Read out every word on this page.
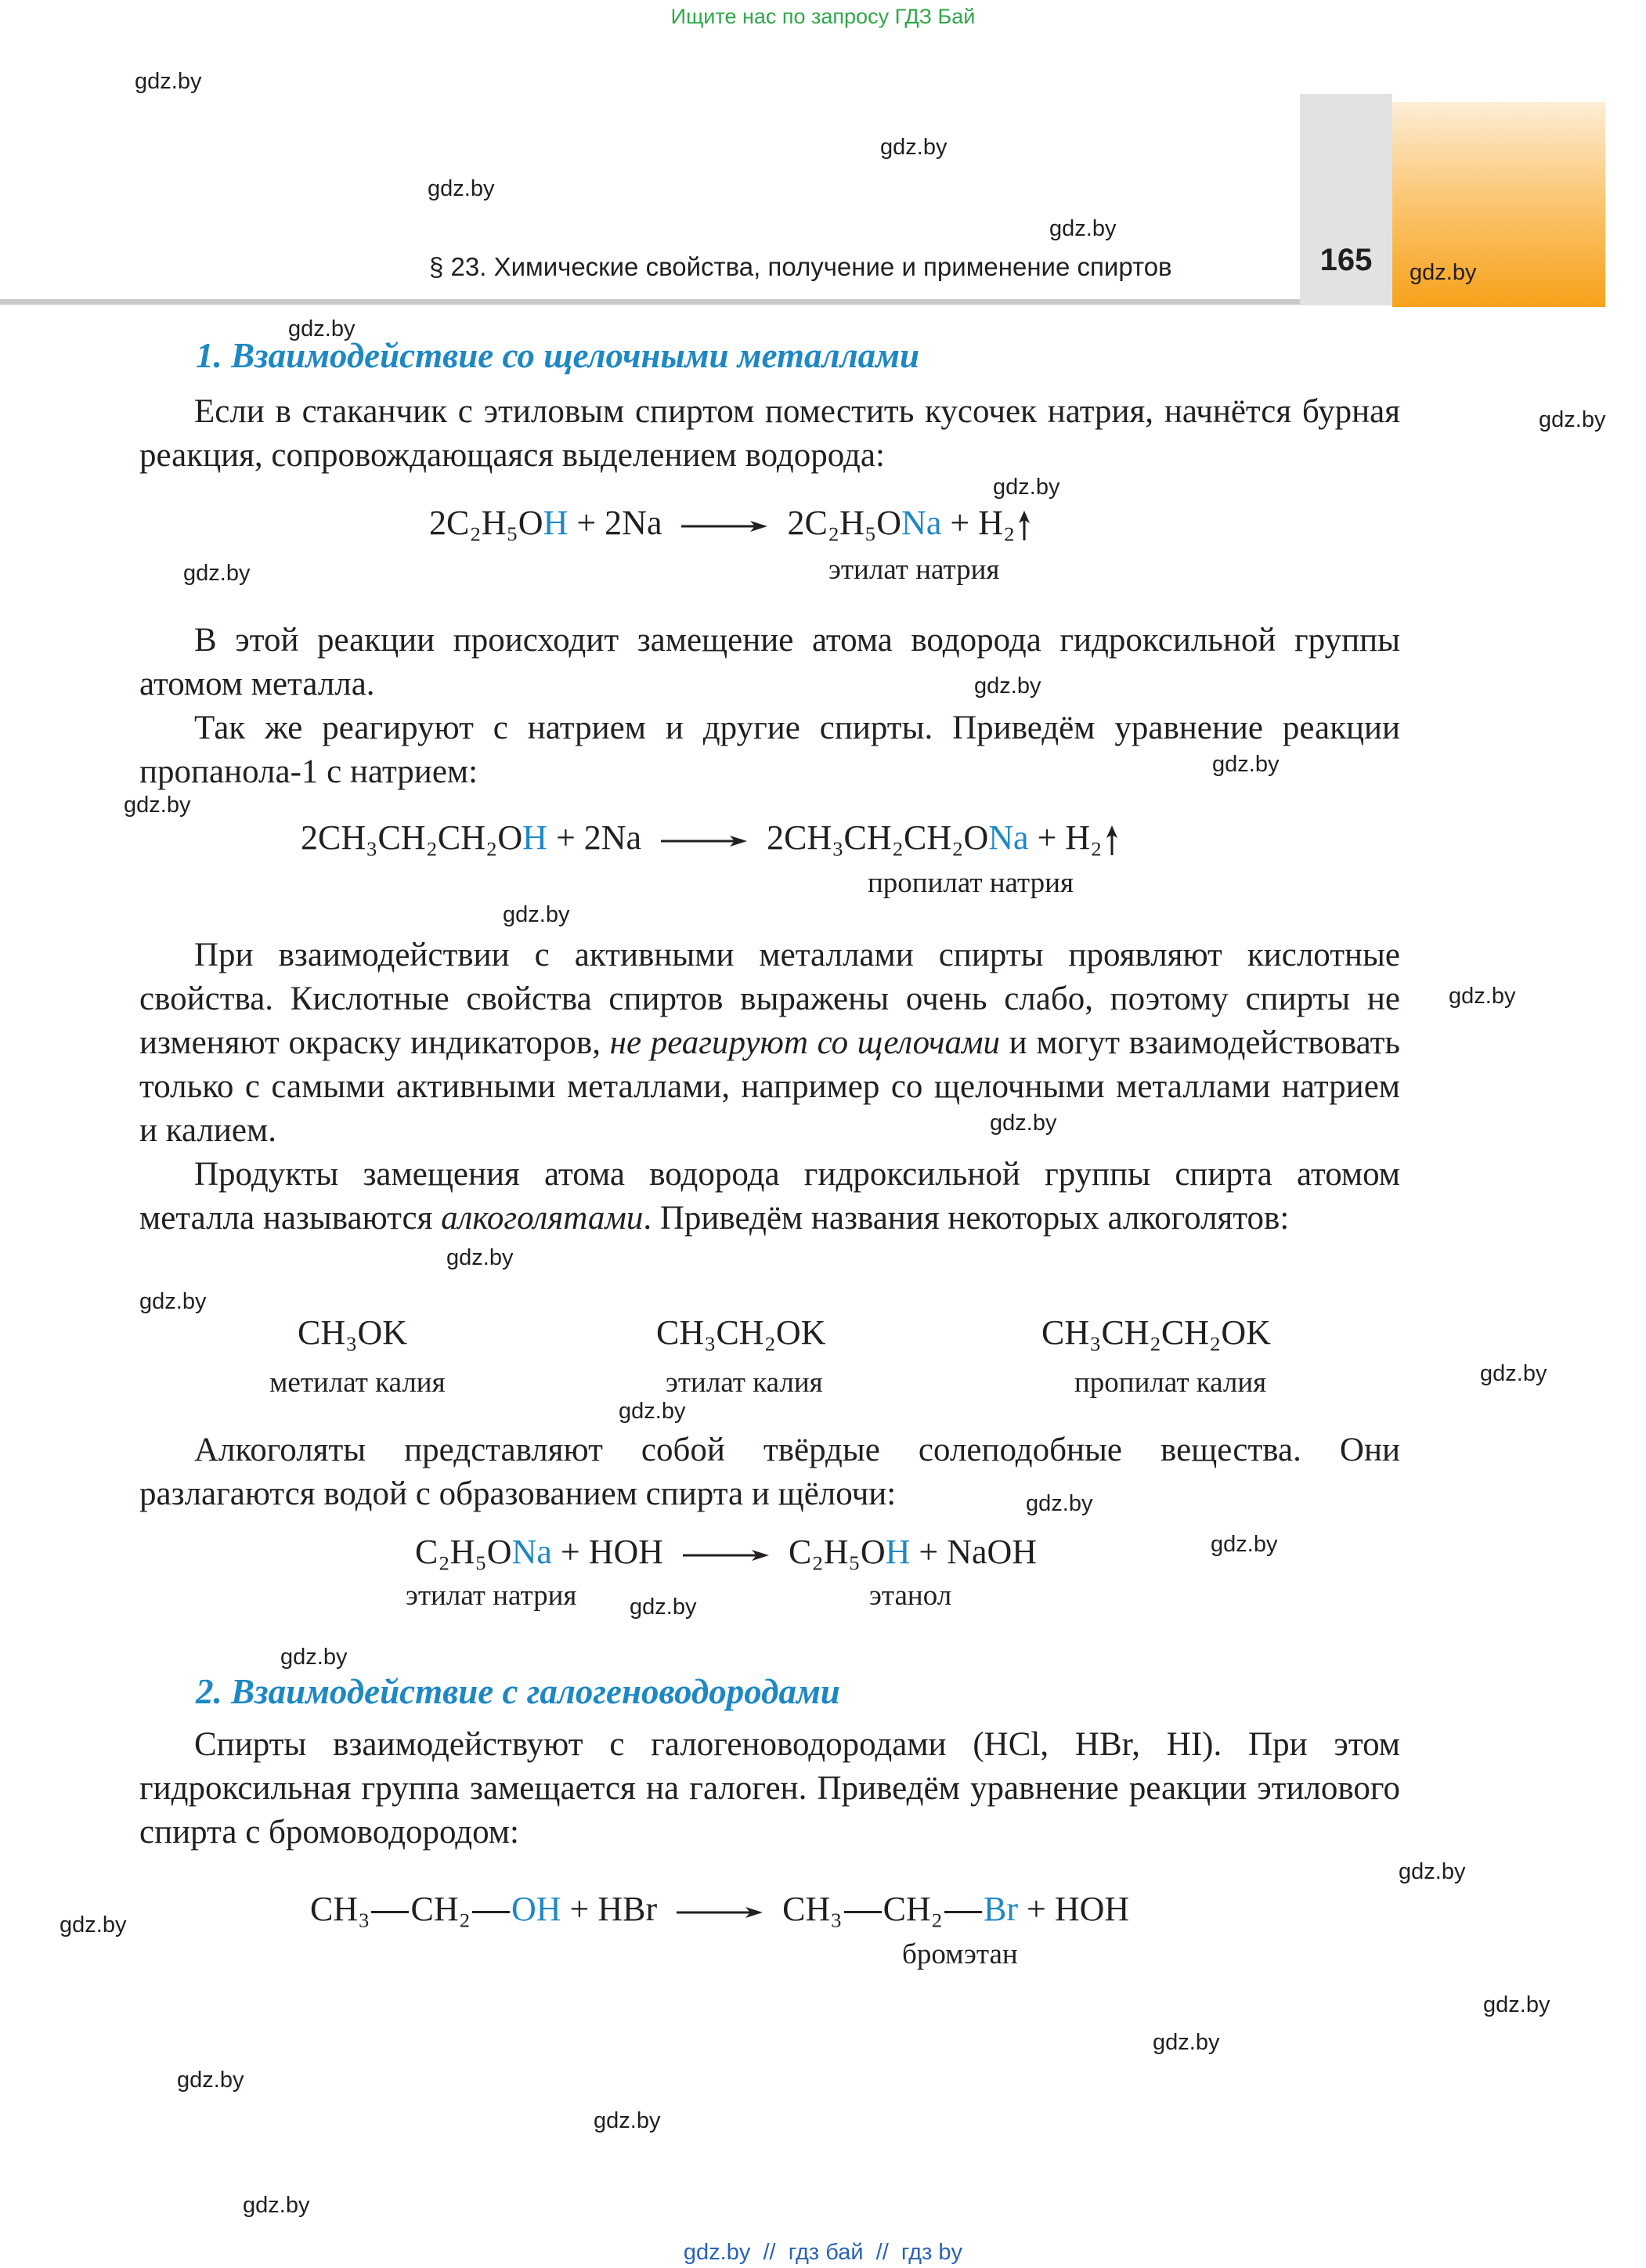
Ищите нас по запросу ГДЗ Бай
165
§ 23. Химические свойства, получение и применение спиртов
gdz.by
gdz.by
gdz.by
gdz.by
gdz.by
gdz.by
gdz.by
gdz.by
gdz.by
gdz.by
gdz.by
gdz.by
gdz.by
gdz.by
gdz.by
gdz.by
gdz.by
gdz.by
gdz.by
gdz.by
gdz.by
gdz.by
gdz.by
gdz.by
gdz.by
gdz.by
gdz.by
gdz.by
gdz.by
gdz.by
1. Взаимодействие со щелочными металлами
Если в стаканчик с этиловым спиртом поместить кусочек натрия, начнётся бурная реакция, сопровождающаяся выделением водорода:
2C₂H₅OH + 2Na → 2C₂H₅ONa + H₂
этилат натрия
В этой реакции происходит замещение атома водорода гидроксильной группы атомом металла.
Так же реагируют с натрием и другие спирты. Приведём уравнение реакции пропанола-1 с натрием:
2CH₃CH₂CH₂OH + 2Na → 2CH₃CH₂CH₂ONa + H₂
пропилат натрия
При взаимодействии с активными металлами спирты проявляют кислотные свойства. Кислотные свойства спиртов выражены очень слабо, поэтому спирты не изменяют окраску индикаторов, не реагируют со щелочами и могут взаимодействовать только с самыми активными металлами, например со щелочными металлами натрием и калием.
Продукты замещения атома водорода гидроксильной группы спирта атомом металла называются алкоголятами. Приведём названия некоторых алкоголятов:
CH₃OK
метилат калия
CH₃CH₂OK
этилат калия
CH₃CH₂CH₂OK
пропилат калия
Алкоголяты представляют собой твёрдые солеподобные вещества. Они разлагаются водой с образованием спирта и щёлочи:
C₂H₅ONa + HOH → C₂H₅OH + NaOH
этилат натрия	этанол
2. Взаимодействие с галогеноводородами
Спирты взаимодействуют с галогеноводородами (HCl, HBr, HI). При этом гидроксильная группа замещается на галоген. Приведём уравнение реакции этилового спирта с бромоводородом:
CH₃ CH₂ OH + HBr → CH₃ CH₂ Br + HOH
бромэтан
gdz.by  //  гдз бай  //  гдз by
